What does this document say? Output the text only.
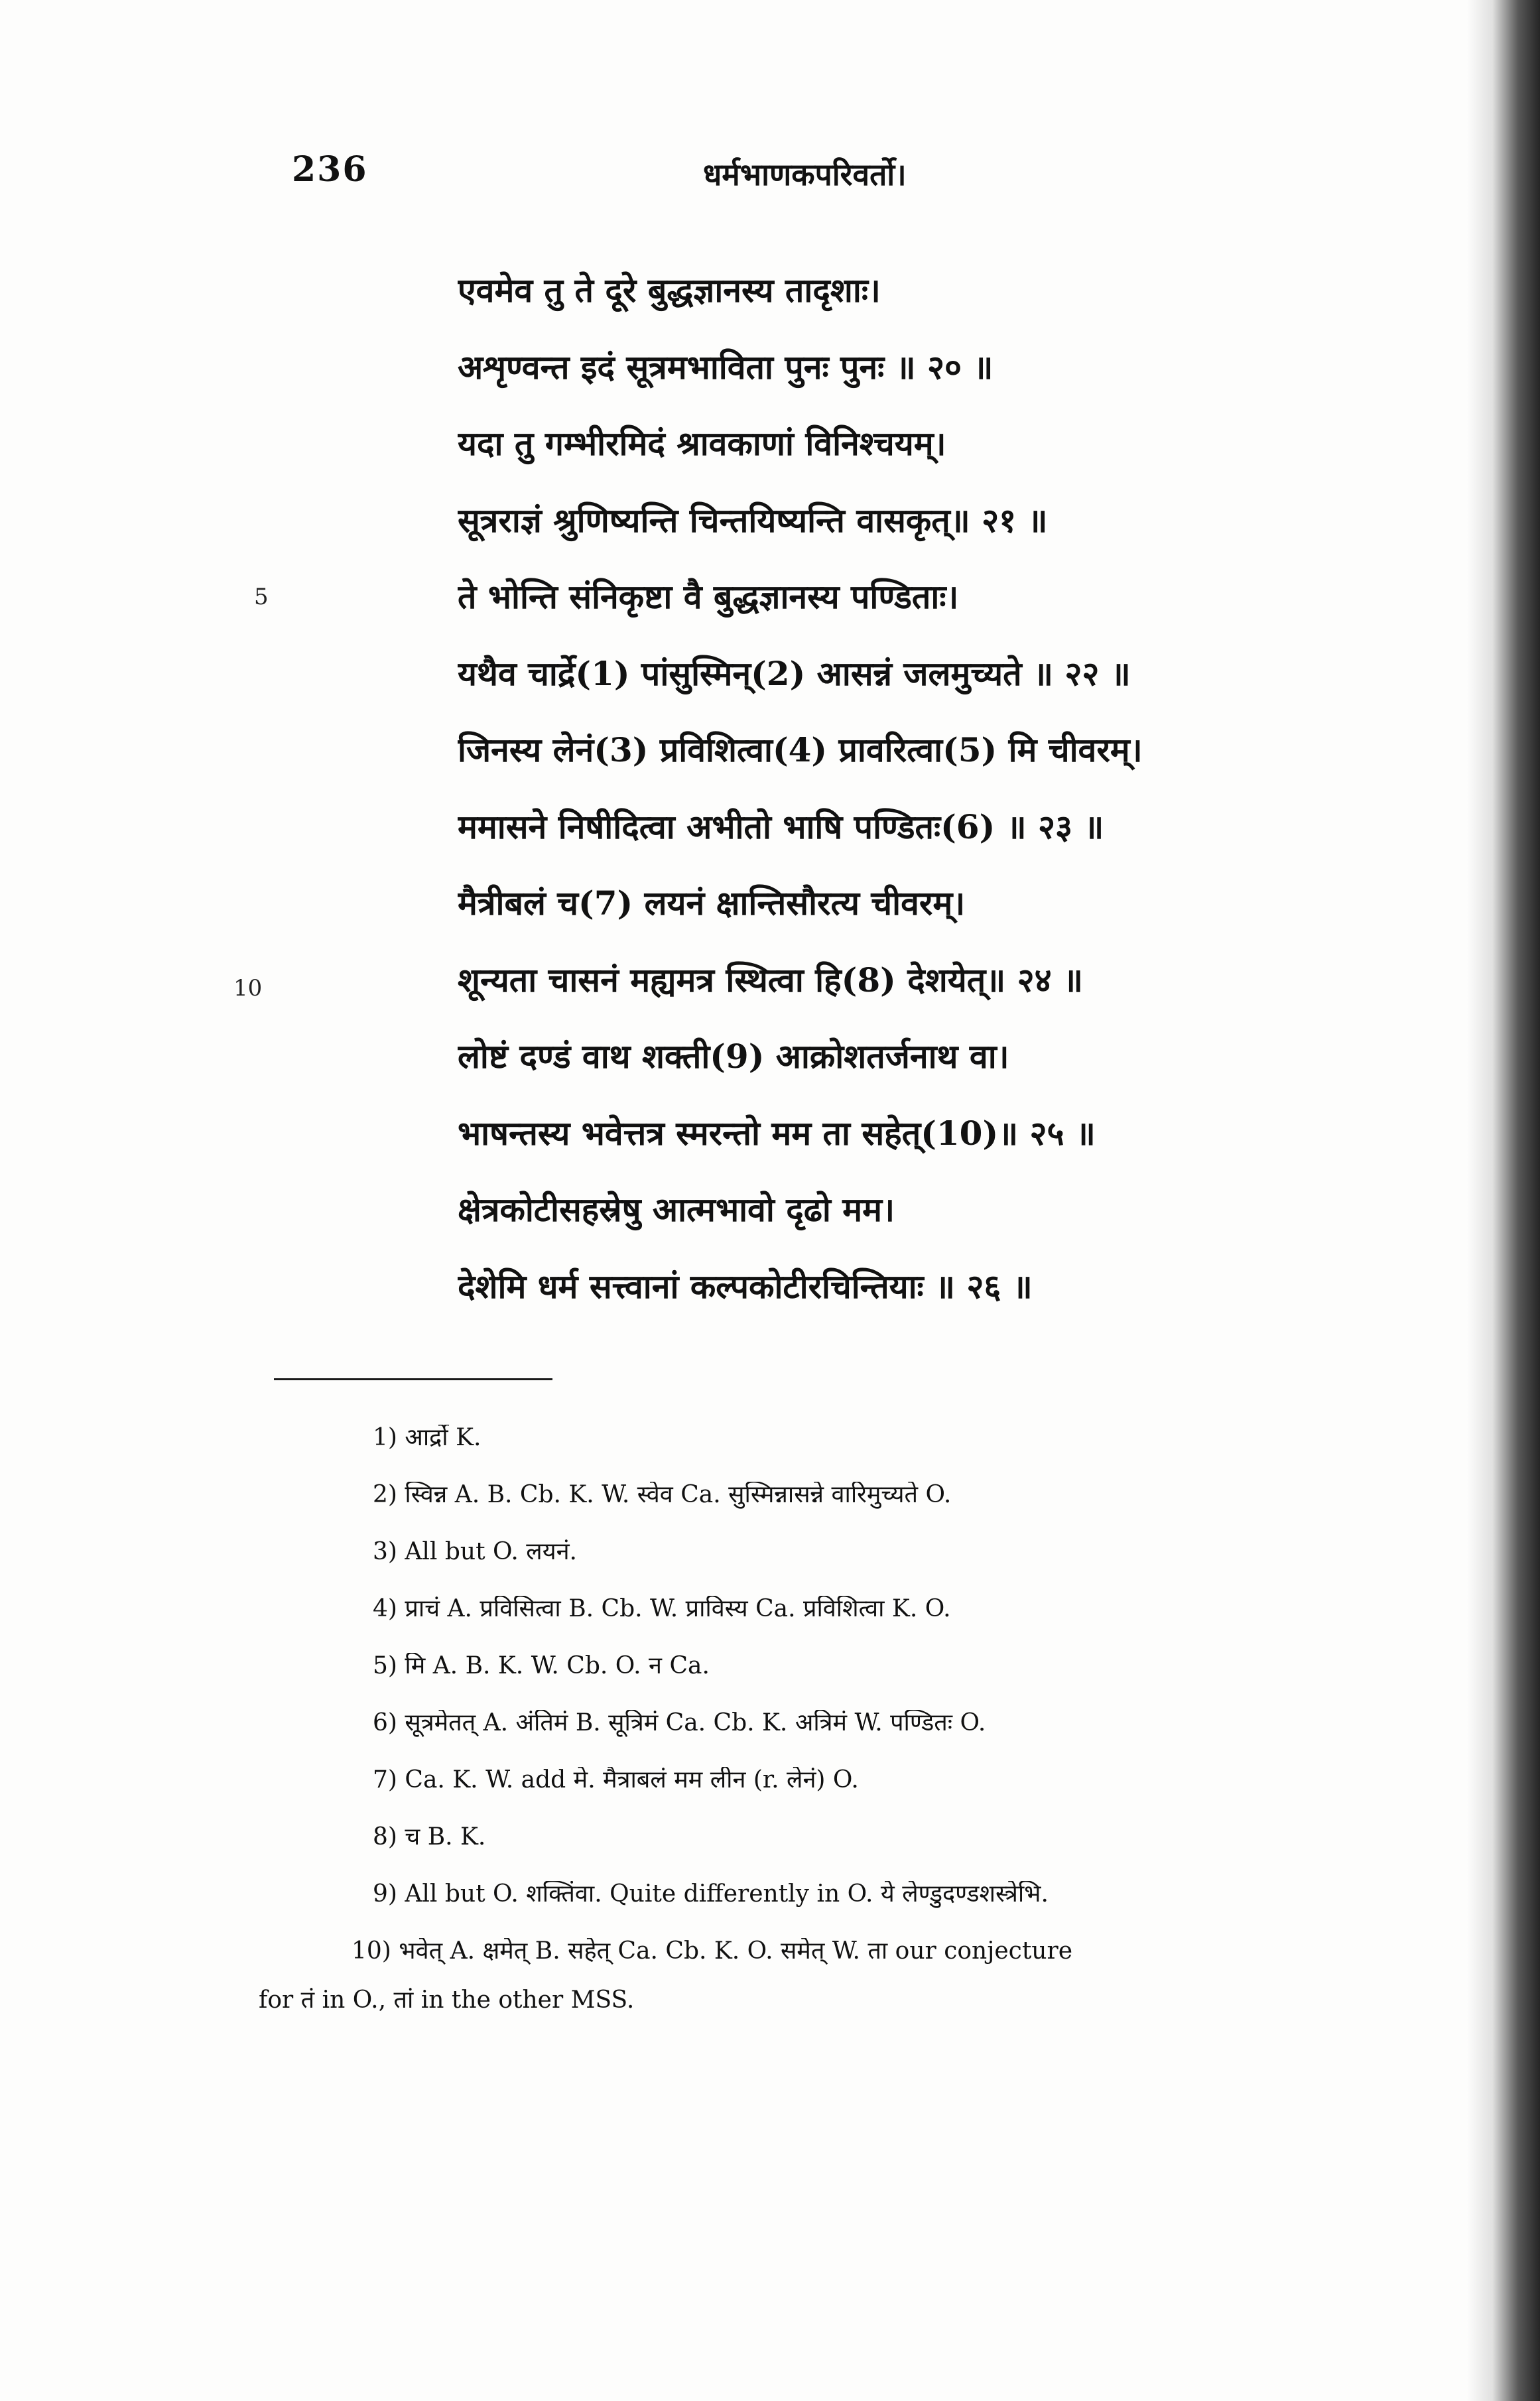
236	धर्मभाणकपरिवर्तो।
5
10
एवमेव तु ते दूरे बुद्धज्ञानस्य तादृशाः।
अशृण्वन्त इदं सूत्रमभाविता पुनः पुनः ॥ २० ॥
यदा तु गम्भीरमिदं श्रावकाणां विनिश्चयम्।
सूत्रराज्ञं श्रुणिष्यन्ति चिन्तयिष्यन्ति वासकृत्॥ २१ ॥
ते भोन्ति संनिकृष्टा वै बुद्धज्ञानस्य पण्डिताः।
यथैव चार्द्रे(1) पांसुस्मिन्(2) आसन्नं जलमुच्यते ॥ २२ ॥
जिनस्य लेनं(3) प्रविशित्वा(4) प्रावरित्वा(5) मि चीवरम्।
ममासने निषीदित्वा अभीतो भाषि पण्डितः(6) ॥ २३ ॥
मैत्रीबलं च(7) लयनं क्षान्तिसौरत्य चीवरम्।
शून्यता चासनं मह्यमत्र स्थित्वा हि(8) देशयेत्॥ २४ ॥
लोष्टं दण्डं वाथ शक्ती(9) आक्रोशतर्जनाथ वा।
भाषन्तस्य भवेत्तत्र स्मरन्तो मम ता सहेत्(10)॥ २५ ॥
क्षेत्रकोटीसहस्रेषु आत्मभावो दृढो मम।
देशेमि धर्म सत्त्वानां कल्पकोटीरचिन्तियाः ॥ २६ ॥
1) आर्द्रो K.
2) स्विन्न A. B. Cb. K. W. स्वेव Ca. सुस्मिन्नासन्ने वारिमुच्यते O.
3) All but O. लयनं.
4) प्राचं A. प्रविसित्वा B. Cb. W. प्राविस्य Ca. प्रविशित्वा K. O.
5) मि A. B. K. W. Cb. O. न Ca.
6) सूत्रमेतत् A. अंतिमं B. सूत्रिमं Ca. Cb. K. अत्रिमं W. पण्डितः O.
7) Ca. K. W. add मे. मैत्राबलं मम लीन (r. लेनं) O.
8) च B. K.
9) All but O. शक्तिंवा. Quite differently in O. ये लेण्डुदण्डशस्त्रेभि.
10) भवेत् A. क्षमेत् B. सहेत् Ca. Cb. K. O. समेत् W. ता our conjecture
for तं in O., तां in the other MSS.
